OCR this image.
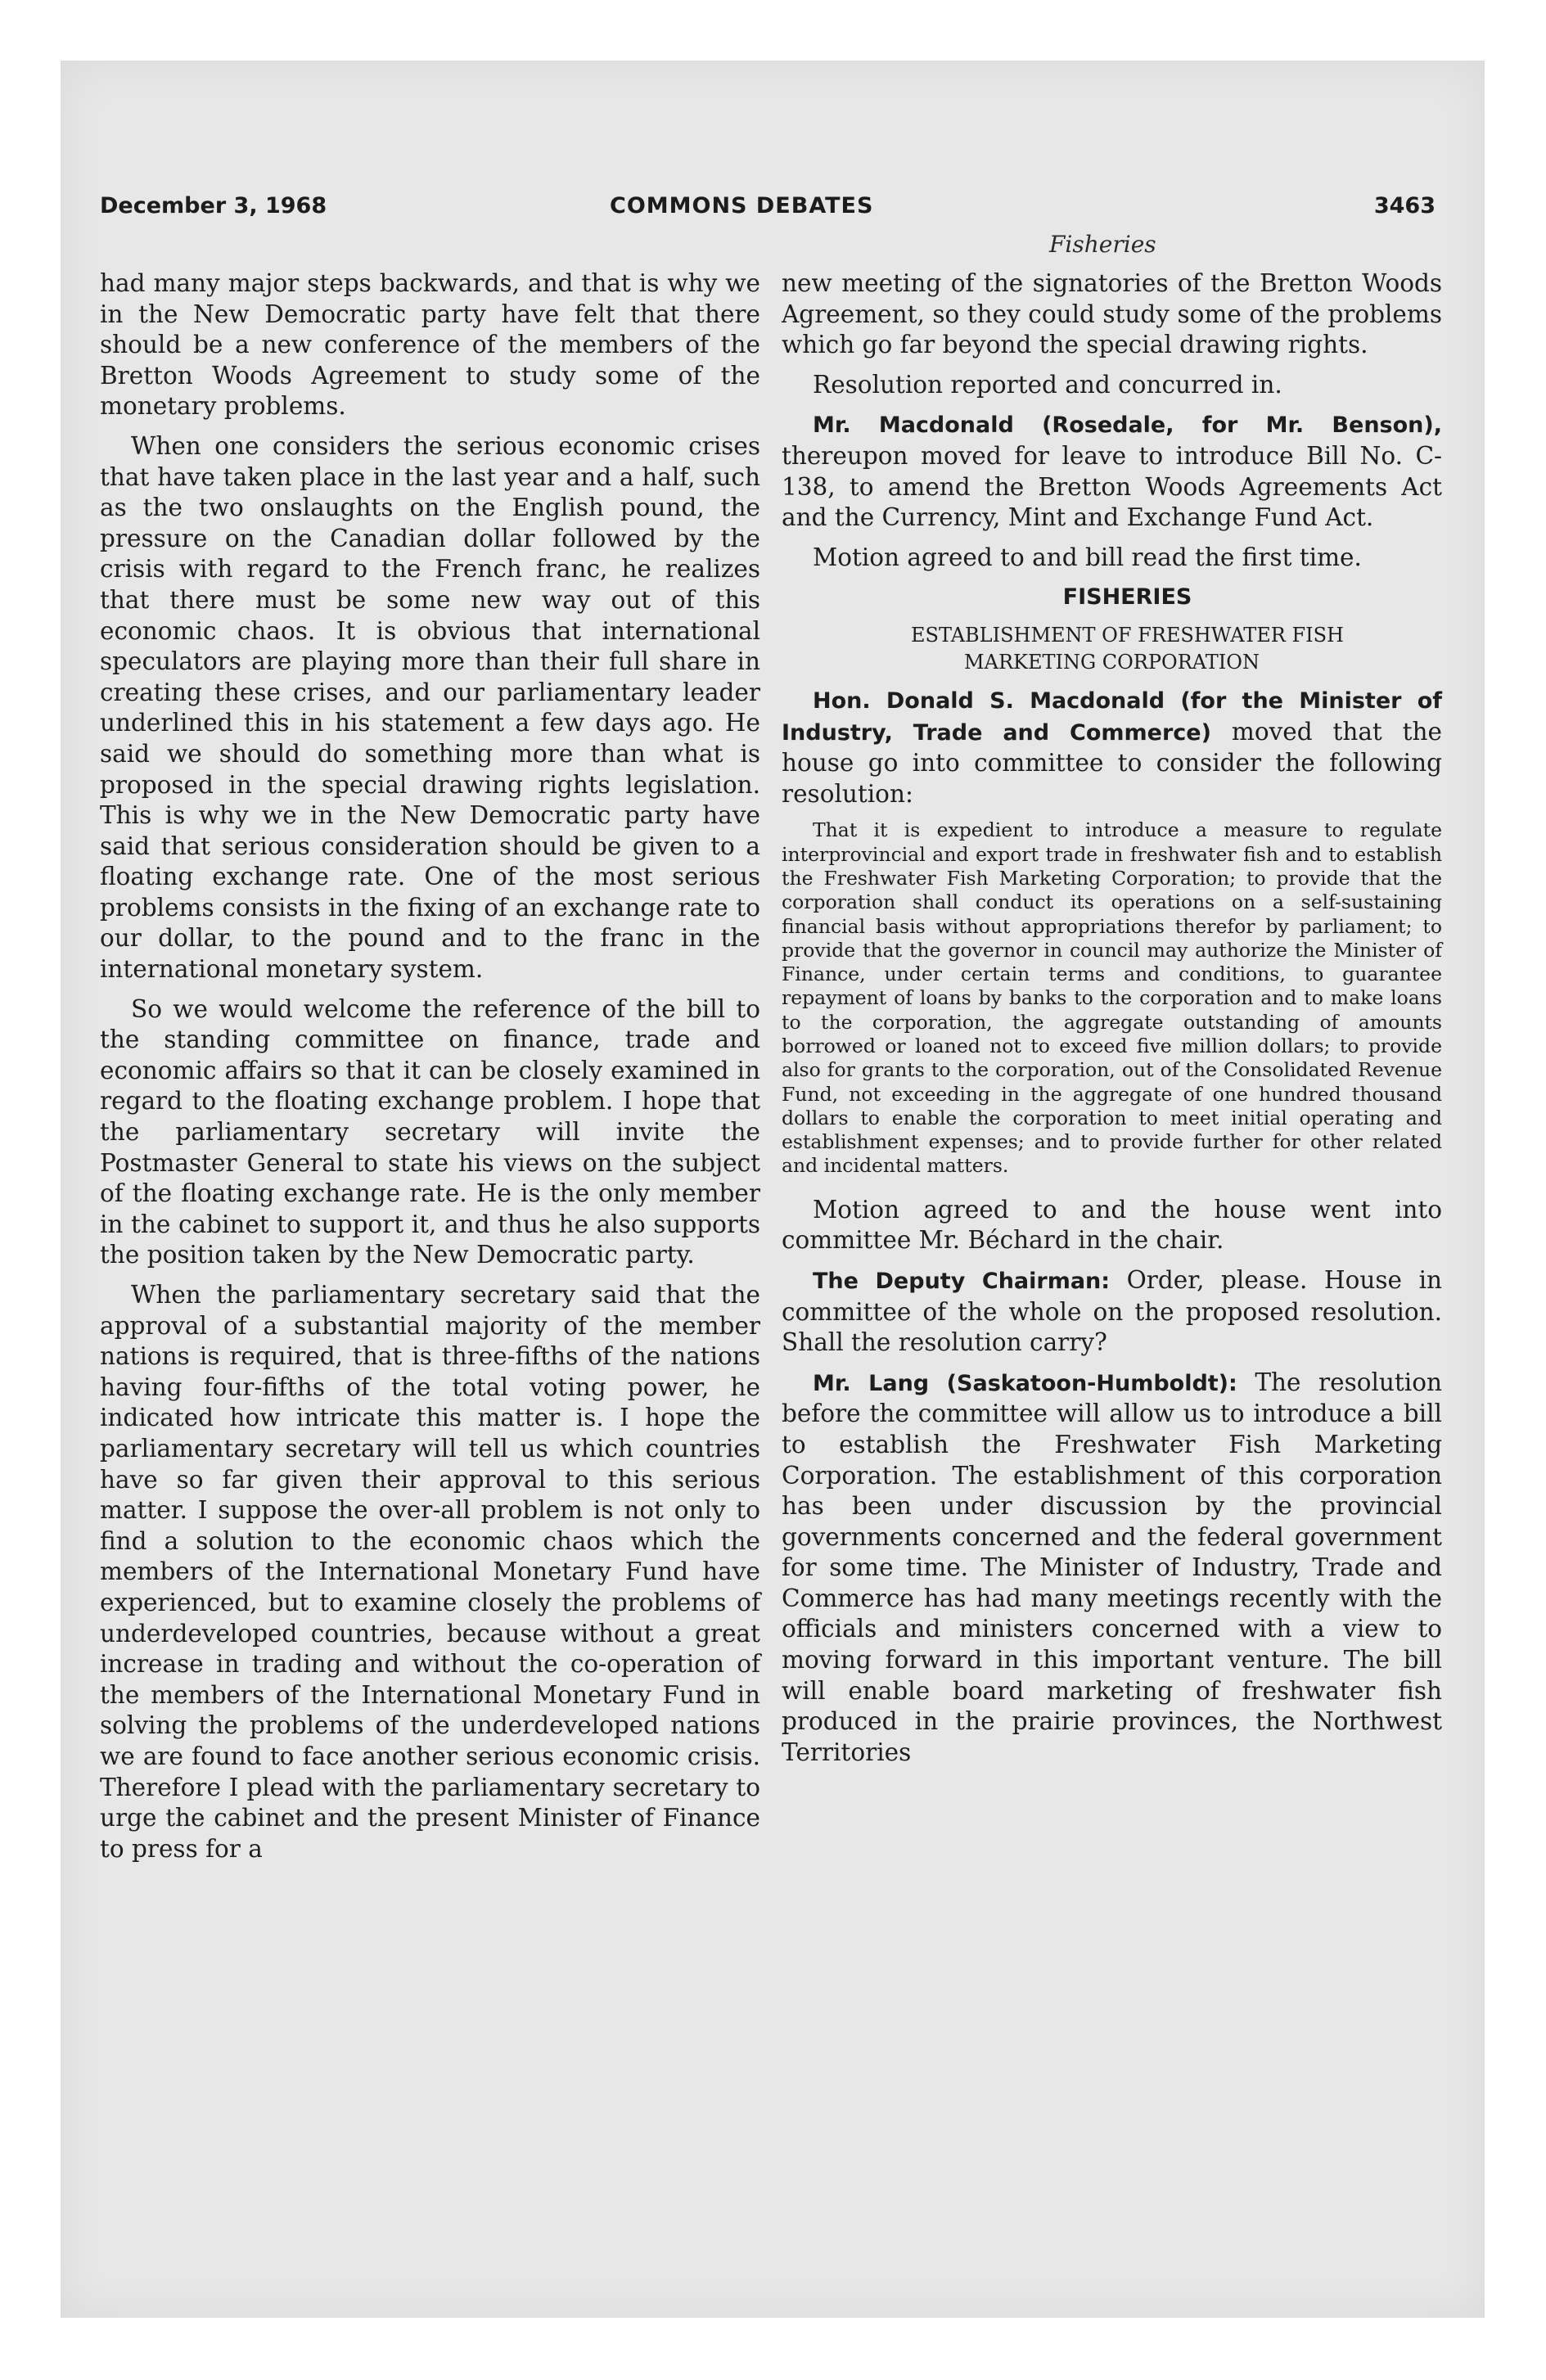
December 3, 1968	COMMONS DEBATES	3463
Fisheries

had many major steps backwards, and that is why we in the New Democratic party have felt that there should be a new conference of the members of the Bretton Woods Agreement to study some of the monetary problems.

When one considers the serious economic crises that have taken place in the last year and a half, such as the two onslaughts on the English pound, the pressure on the Canadian dollar followed by the crisis with regard to the French franc, he realizes that there must be some new way out of this economic chaos. It is obvious that international speculators are playing more than their full share in creating these crises, and our parliamentary leader underlined this in his statement a few days ago. He said we should do something more than what is proposed in the special drawing rights legislation. This is why we in the New Democratic party have said that serious consideration should be given to a floating exchange rate. One of the most serious problems consists in the fixing of an exchange rate to our dollar, to the pound and to the franc in the international monetary system.

So we would welcome the reference of the bill to the standing committee on finance, trade and economic affairs so that it can be closely examined in regard to the floating exchange problem. I hope that the parliamentary secretary will invite the Postmaster General to state his views on the subject of the floating exchange rate. He is the only member in the cabinet to support it, and thus he also supports the position taken by the New Democratic party.

When the parliamentary secretary said that the approval of a substantial majority of the member nations is required, that is three-fifths of the nations having four-fifths of the total voting power, he indicated how intricate this matter is. I hope the parliamentary secretary will tell us which countries have so far given their approval to this serious matter. I suppose the over-all problem is not only to find a solution to the economic chaos which the members of the International Monetary Fund have experienced, but to examine closely the problems of underdeveloped countries, because without a great increase in trading and without the co-operation of the members of the International Monetary Fund in solving the problems of the underdeveloped nations we are found to face another serious economic crisis. Therefore I plead with the parliamentary secretary to urge the cabinet and the present Minister of Finance to press for a

new meeting of the signatories of the Bretton Woods Agreement, so they could study some of the problems which go far beyond the special drawing rights.

Resolution reported and concurred in.

Mr. Macdonald (Rosedale, for Mr. Benson), thereupon moved for leave to introduce Bill No. C-138, to amend the Bretton Woods Agreements Act and the Currency, Mint and Exchange Fund Act.

Motion agreed to and bill read the first time.

FISHERIES

ESTABLISHMENT OF FRESHWATER FISH MARKETING CORPORATION

Hon. Donald S. Macdonald (for the Minister of Industry, Trade and Commerce) moved that the house go into committee to consider the following resolution:

That it is expedient to introduce a measure to regulate interprovincial and export trade in freshwater fish and to establish the Freshwater Fish Marketing Corporation; to provide that the corporation shall conduct its operations on a self-sustaining financial basis without appropriations therefor by parliament; to provide that the governor in council may authorize the Minister of Finance, under certain terms and conditions, to guarantee repayment of loans by banks to the corporation and to make loans to the corporation, the aggregate outstanding of amounts borrowed or loaned not to exceed five million dollars; to provide also for grants to the corporation, out of the Consolidated Revenue Fund, not exceeding in the aggregate of one hundred thousand dollars to enable the corporation to meet initial operating and establishment expenses; and to provide further for other related and incidental matters.

Motion agreed to and the house went into committee Mr. Béchard in the chair.

The Deputy Chairman: Order, please. House in committee of the whole on the proposed resolution. Shall the resolution carry?

Mr. Lang (Saskatoon-Humboldt): The resolution before the committee will allow us to introduce a bill to establish the Freshwater Fish Marketing Corporation. The establishment of this corporation has been under discussion by the provincial governments concerned and the federal government for some time. The Minister of Industry, Trade and Commerce has had many meetings recently with the officials and ministers concerned with a view to moving forward in this important venture. The bill will enable board marketing of freshwater fish produced in the prairie provinces, the Northwest Territories
